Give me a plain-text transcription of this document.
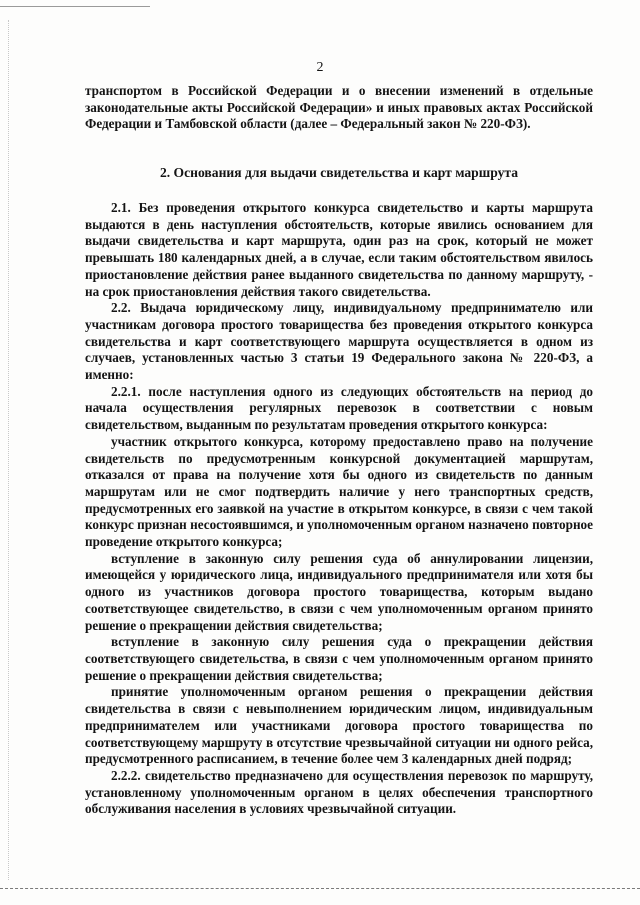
2

транспортом в Российской Федерации и о внесении изменений в отдельные законодательные акты Российской Федерации» и иных правовых актах Российской Федерации и Тамбовской области (далее – Федеральный закон № 220-ФЗ).

2. Основания для выдачи свидетельства и карт маршрута

2.1. Без проведения открытого конкурса свидетельство и карты маршрута выдаются в день наступления обстоятельств, которые явились основанием для выдачи свидетельства и карт маршрута, один раз на срок, который не может превышать 180 календарных дней, а в случае, если таким обстоятельством явилось приостановление действия ранее выданного свидетельства по данному маршруту, - на срок приостановления действия такого свидетельства.

2.2. Выдача юридическому лицу, индивидуальному предпринимателю или участникам договора простого товарищества без проведения открытого конкурса свидетельства и карт соответствующего маршрута осуществляется в одном из случаев, установленных частью 3 статьи 19 Федерального закона № 220-ФЗ, а именно:

2.2.1. после наступления одного из следующих обстоятельств на период до начала осуществления регулярных перевозок в соответствии с новым свидетельством, выданным по результатам проведения открытого конкурса:

участник открытого конкурса, которому предоставлено право на получение свидетельств по предусмотренным конкурсной документацией маршрутам, отказался от права на получение хотя бы одного из свидетельств по данным маршрутам или не смог подтвердить наличие у него транспортных средств, предусмотренных его заявкой на участие в открытом конкурсе, в связи с чем такой конкурс признан несостоявшимся, и уполномоченным органом назначено повторное проведение открытого конкурса;

вступление в законную силу решения суда об аннулировании лицензии, имеющейся у юридического лица, индивидуального предпринимателя или хотя бы одного из участников договора простого товарищества, которым выдано соответствующее свидетельство, в связи с чем уполномоченным органом принято решение о прекращении действия свидетельства;

вступление в законную силу решения суда о прекращении действия соответствующего свидетельства, в связи с чем уполномоченным органом принято решение о прекращении действия свидетельства;

принятие уполномоченным органом решения о прекращении действия свидетельства в связи с невыполнением юридическим лицом, индивидуальным предпринимателем или участниками договора простого товарищества по соответствующему маршруту в отсутствие чрезвычайной ситуации ни одного рейса, предусмотренного расписанием, в течение более чем 3 календарных дней подряд;

2.2.2. свидетельство предназначено для осуществления перевозок по маршруту, установленному уполномоченным органом в целях обеспечения транспортного обслуживания населения в условиях чрезвычайной ситуации.
